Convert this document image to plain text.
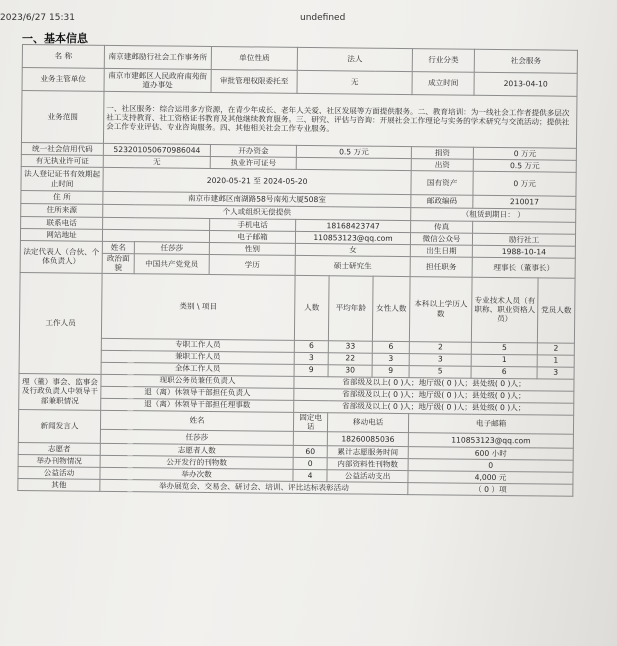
2023/6/27 15:31	undefined
一、基本信息
名 称	南京建邺励行社会工作事务所		单位性质	法人			行业分类	社会服务	
业务主管单位	南京市建邺区人民政府南苑街道办事处		审批管理权限委托至	无			成立时间	2013-04-10	
业务范围	一、社区服务：综合运用多方资源，在青少年成长、老年人关爱、社区发展等方面提供服务。二、教育培训：为一线社会工作者提供多层次社工支持教育、社工资格证书教育及其他继续教育服务。三、研究、评估与咨询：开展社会工作理论与实务的学术研究与交流活动；提供社会工作专业评估、专业咨询服务。四、其他相关社会工作专业服务。								
统一社会信用代码	52320105067098604​4		开办资金	0.5 万元			捐资	0 万元	
有无执业许可证	无		执业许可证号				出资	0.5 万元	
法人登记证书有效期起止时间	2020-05-21 至 2024-05-20						国有资产	0 万元	
住 所	南京市建邺区南湖路58号南苑大厦508室						邮政编码	210017	
住所来源	个人或组织无偿提供						（租赁到期日： ）		
联系电话			手机电话	18168423747			传真		
网站地址			电子邮箱	110853123@qq.com			微信公众号	励行社工	
法定代表人（合伙、个体负责人）	姓名	任莎莎	性别	女			出生日期	1988-10-14	
	政治面貌	中国共产党党员	学历	硕士研究生			担任职务	理事长（董事长）	
工作人员	类别 \ 项目			人数	平均年龄	女性人数	本科以上学历人数	专业技术人员（有职称、职业资格人员）	党员人数
	专职工作人员			6	33	6	2	5	2
	兼职工作人员			3	22	3	3	1	1
	全体工作人员			9	30	9	5	6	3
理（董）事会、监事会及行政负责人中领导干部兼职情况	现职公务员兼任负责人			省部级及以上( 0 )人；地厅级( 0 )人；县处级( 0 )人；					
	退（离）休领导干部担任负责人			省部级及以上( 0 )人；地厅级( 0 )人；县处级( 0 )人；					
	退（离）休领导干部担任理事数			省部级及以上( 0 )人；地厅级( 0 )人；县处级( 0 )人；					
新闻发言人	姓名			固定电话	移动电话		电子邮箱		
	任莎莎				18260085036		110853123@qq.com		
志愿者	志愿者人数			60	累计志愿服务时间		600 小时		
举办刊物情况	公开发行的刊物数			0	内部资料性刊物数		0		
公益活动	举办次数			4	公益活动支出		4,000 元		
其他	举办展览会、交易会、研讨会、培训、评比达标表彰活动						（ 0 ）项		
